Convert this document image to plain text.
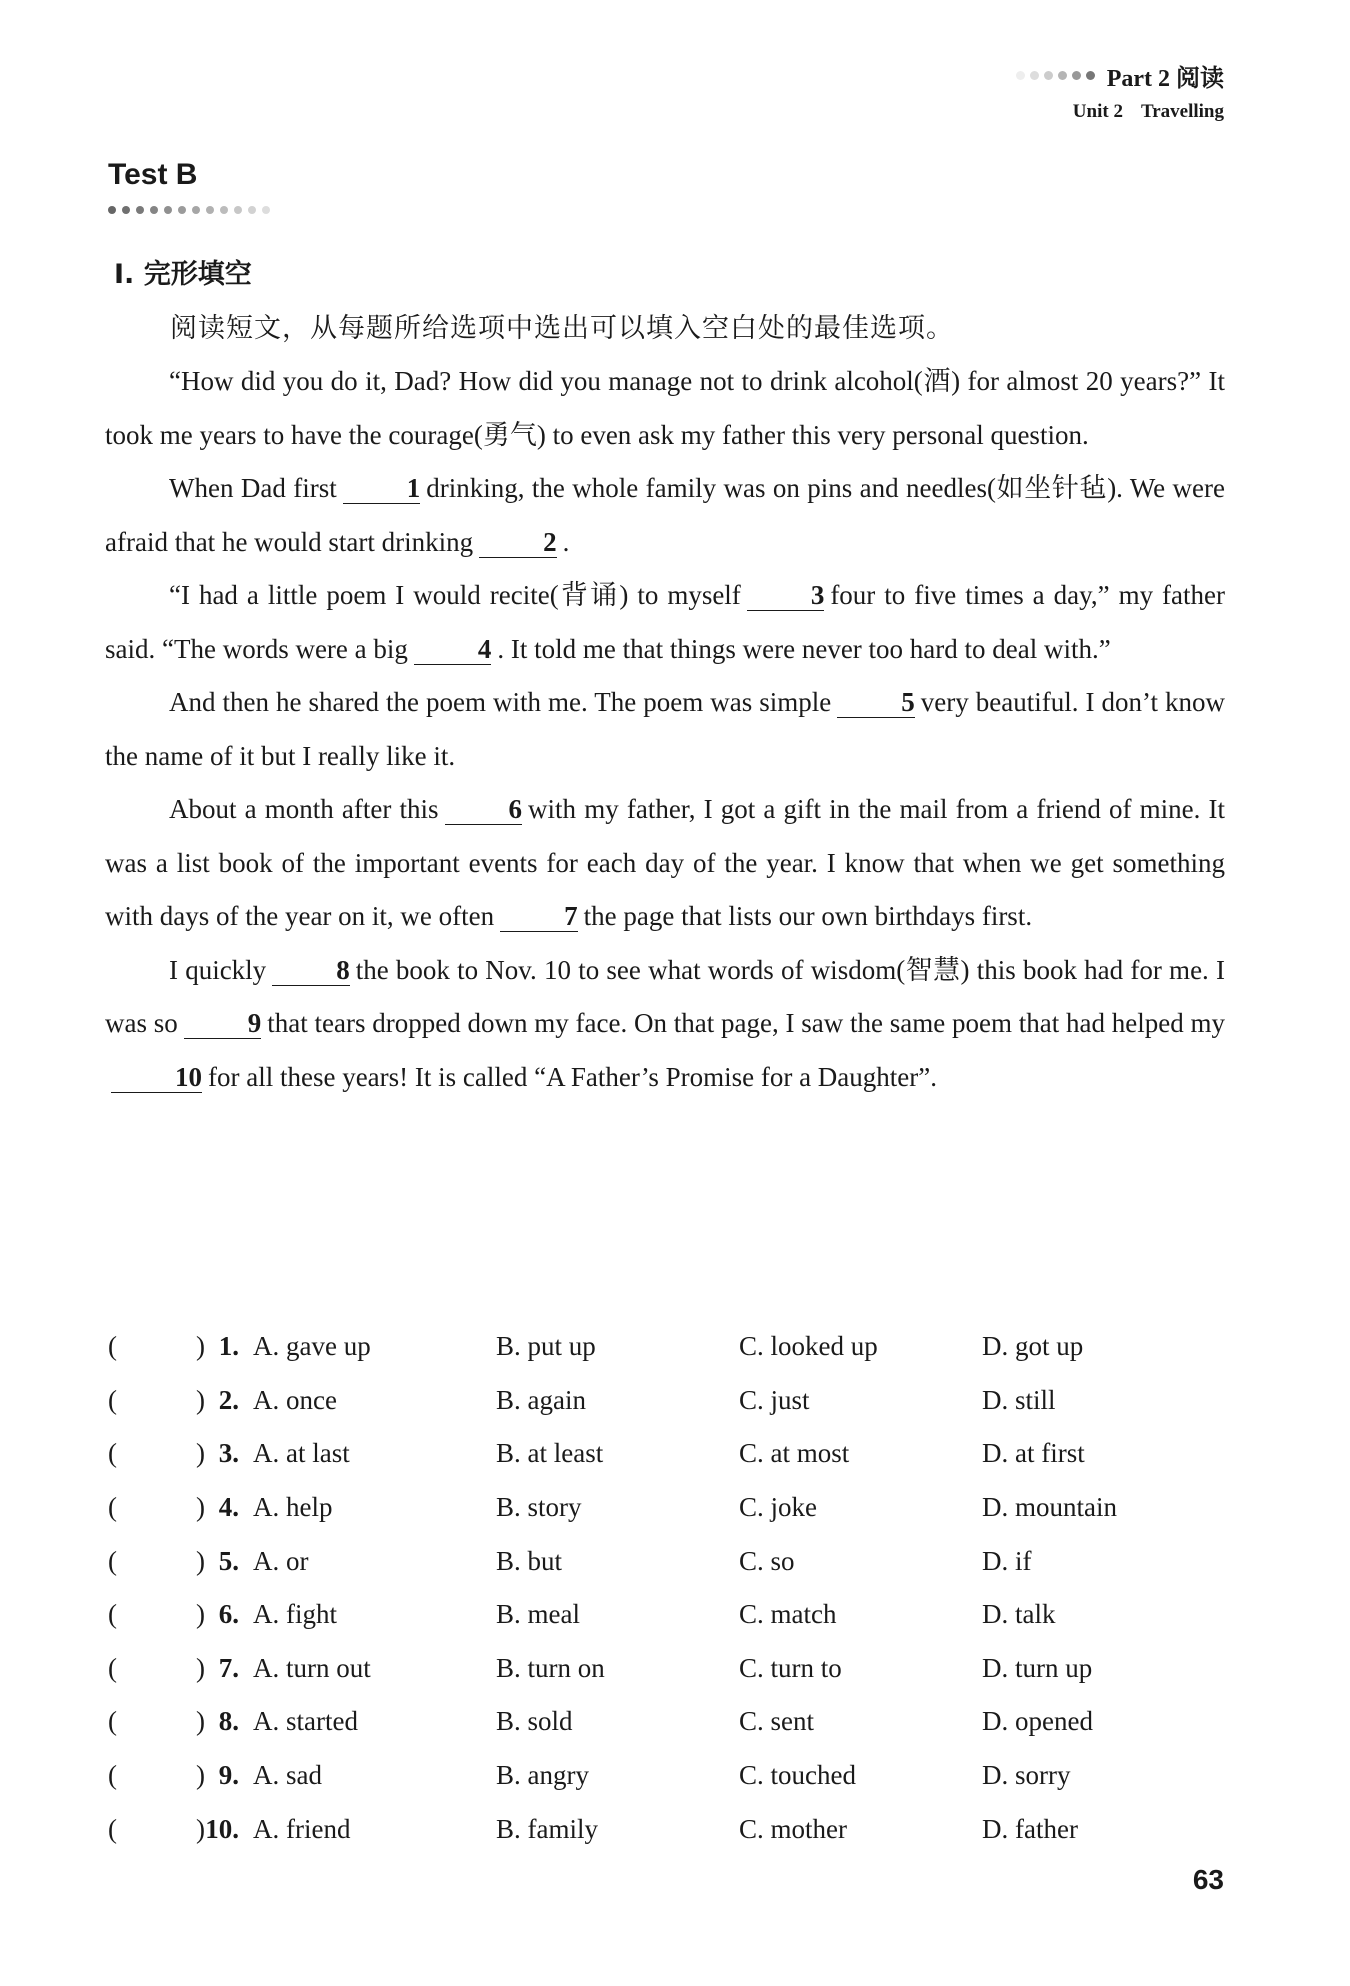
Part 2 阅读
Unit 2 Travelling
Test B
Ⅰ. 完形填空
阅读短文，从每题所给选项中选出可以填入空白处的最佳选项。

“How did you do it, Dad? How did you manage not to drink alcohol(酒) for almost 20 years?” It took me years to have the courage(勇气) to even ask my father this very personal question.

When Dad first	1 drinking, the whole family was on pins and needles(如坐针毡). We were afraid that he would start drinking	2 .

“I had a little poem I would recite(背诵) to myself	3 four to five times a day,” my father said. “The words were a big	4 . It told me that things were never too hard to deal with.”

And then he shared the poem with me. The poem was simple	5 very beautiful. I don’t know the name of it but I really like it.

About a month after this	6 with my father, I got a gift in the mail from a friend of mine. It was a list book of the important events for each day of the year. I know that when we get something with days of the year on it, we often	7 the page that lists our own birthdays first.

I quickly	8 the book to Nov. 10 to see what words of wisdom(智慧) this book had for me. I was so	9 that tears dropped down my face. On that page, I saw the same poem that had helped my10 for all these years! It is called “A Father’s Promise for a Daughter”.

(	) 1. A. gave up	B. put up	C. looked up	D. got up
(	) 2. A. once	B. again	C. just	D. still
(	) 3. A. at last	B. at least	C. at most	D. at first
(	) 4. A. help	B. story	C. joke	D. mountain
(	) 5. A. or	B. but	C. so	D. if
(	) 6. A. fight	B. meal	C. match	D. talk
(	) 7. A. turn out	B. turn on	C. turn to	D. turn up
(	) 8. A. started	B. sold	C. sent	D. opened
(	) 9. A. sad	B. angry	C. touched	D. sorry
(	) 10. A. friend	B. family	C. mother	D. father
63
